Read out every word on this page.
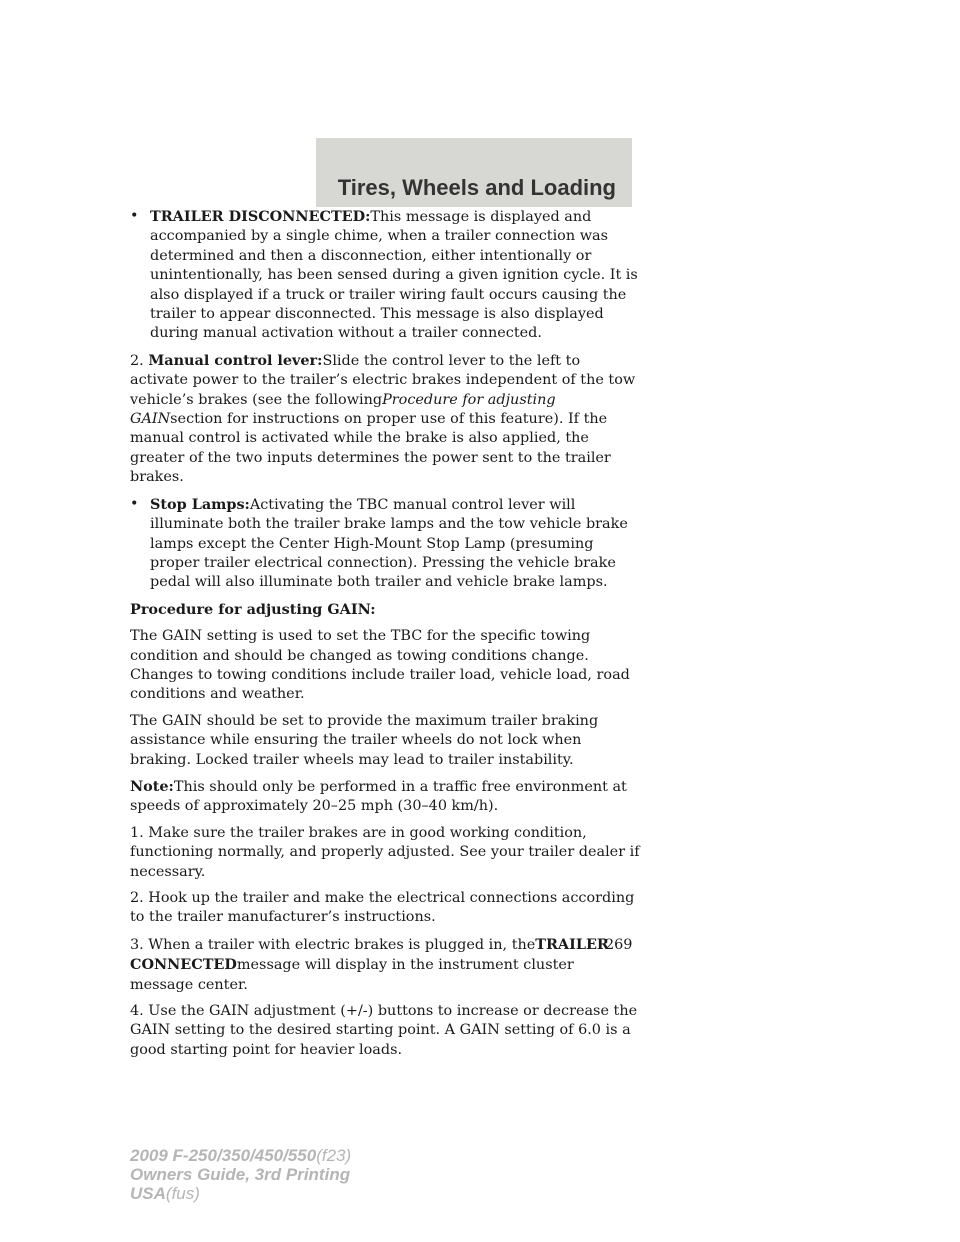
Tires, Wheels and Loading

• TRAILER DISCONNECTED:This message is displayed and accompanied by a single chime, when a trailer connection was determined and then a disconnection, either intentionally or unintentionally, has been sensed during a given ignition cycle. It is also displayed if a truck or trailer wiring fault occurs causing the trailer to appear disconnected. This message is also displayed during manual activation without a trailer connected.

2. Manual control lever:Slide the control lever to the left to activate power to the trailer’s electric brakes independent of the tow vehicle’s brakes (see the followingProcedure for adjusting GAINsection for instructions on proper use of this feature). If the manual control is activated while the brake is also applied, the greater of the two inputs determines the power sent to the trailer brakes.

• Stop Lamps:Activating the TBC manual control lever will illuminate both the trailer brake lamps and the tow vehicle brake lamps except the Center High-Mount Stop Lamp (presuming proper trailer electrical connection). Pressing the vehicle brake pedal will also illuminate both trailer and vehicle brake lamps.

Procedure for adjusting GAIN:

The GAIN setting is used to set the TBC for the specific towing condition and should be changed as towing conditions change. Changes to towing conditions include trailer load, vehicle load, road conditions and weather.

The GAIN should be set to provide the maximum trailer braking assistance while ensuring the trailer wheels do not lock when braking. Locked trailer wheels may lead to trailer instability.

Note:This should only be performed in a traffic free environment at speeds of approximately 20–25 mph (30–40 km/h).

1. Make sure the trailer brakes are in good working condition, functioning normally, and properly adjusted. See your trailer dealer if necessary.

2. Hook up the trailer and make the electrical connections according to the trailer manufacturer’s instructions.

3. When a trailer with electric brakes is plugged in, theTRAILER CONNECTEDmessage will display in the instrument cluster message center.

4. Use the GAIN adjustment (+/-) buttons to increase or decrease the GAIN setting to the desired starting point. A GAIN setting of 6.0 is a good starting point for heavier loads.

269
2009 F-250/350/450/550(f23)
Owners Guide, 3rd Printing
USA(fus)
